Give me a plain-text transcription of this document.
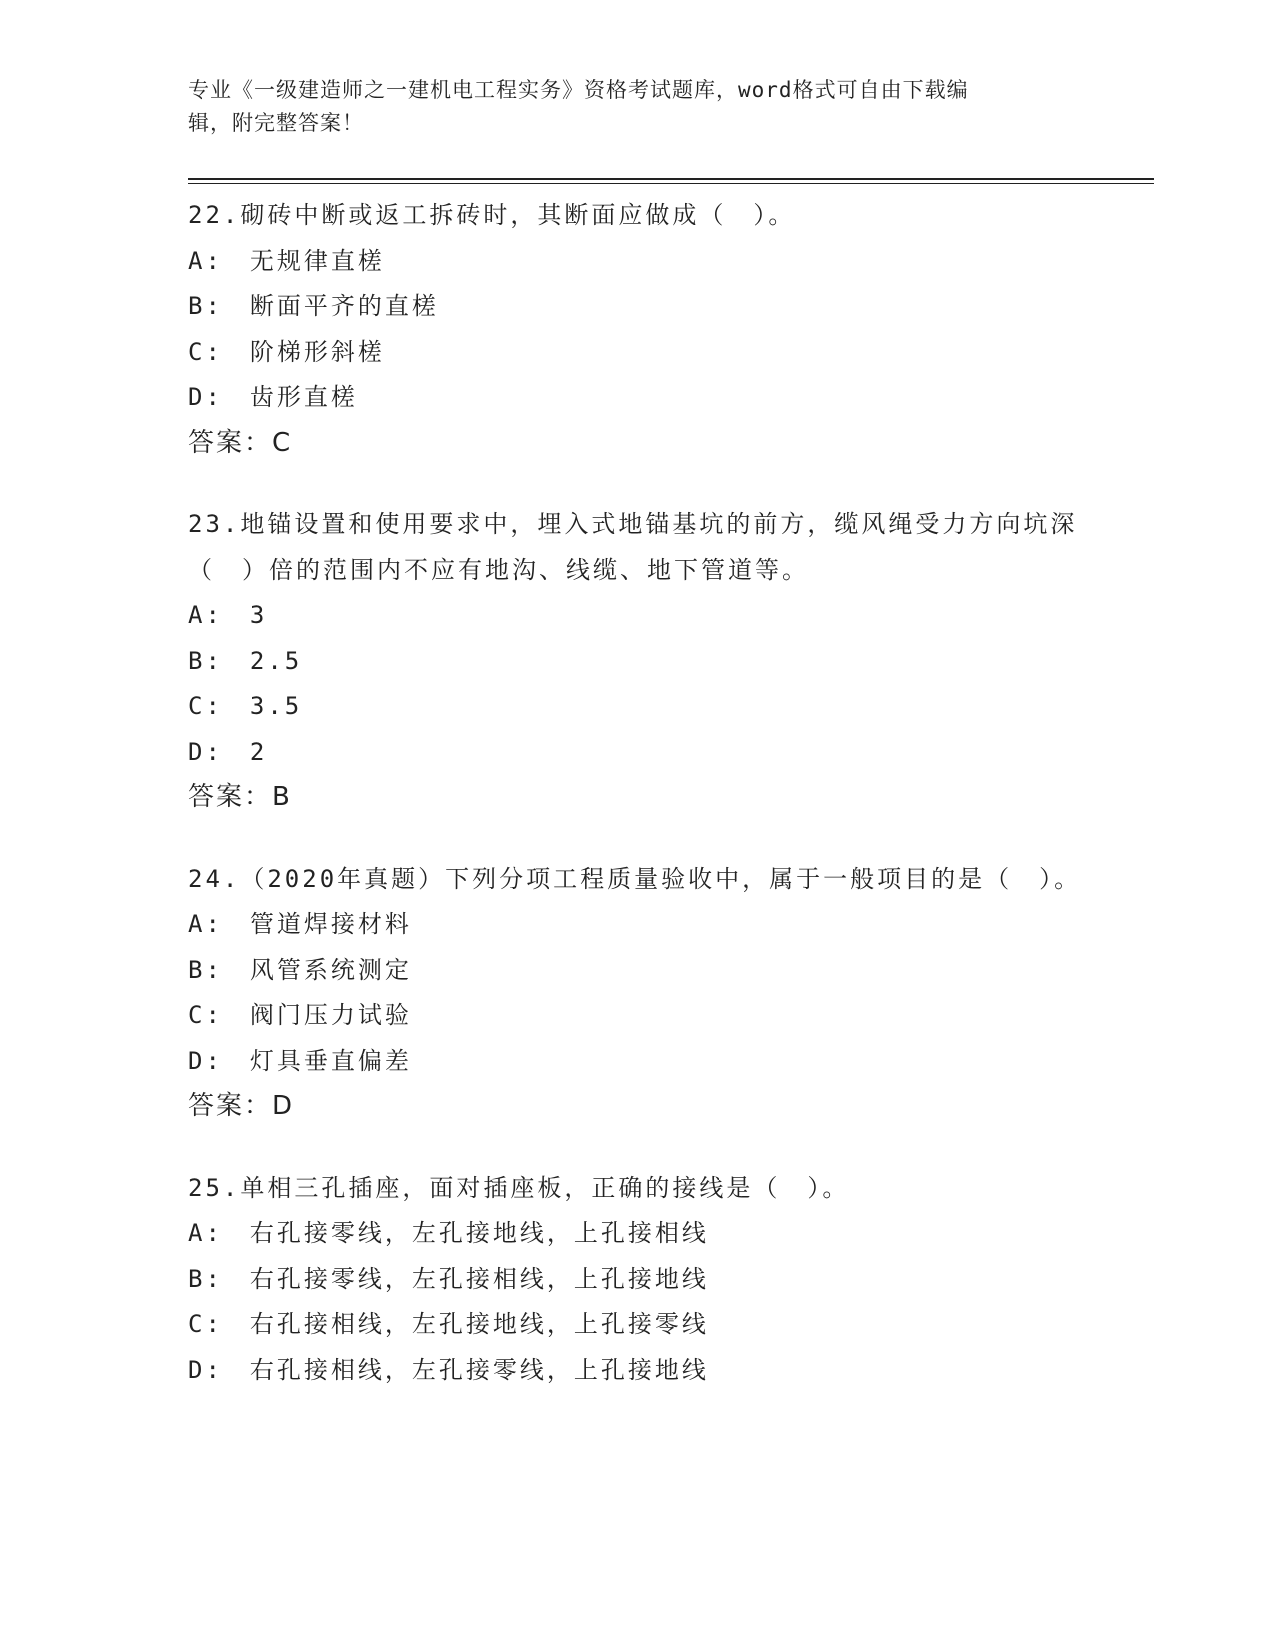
专业《一级建造师之一建机电工程实务》资格考试题库，word格式可自由下载编
辑，附完整答案！
22.砌砖中断或返工拆砖时，其断面应做成（　）。
A:　无规律直槎
B:　断面平齐的直槎
C:　阶梯形斜槎
D:　齿形直槎
答案：C
23.地锚设置和使用要求中，埋入式地锚基坑的前方，缆风绳受力方向坑深（　）倍的范围内不应有地沟、线缆、地下管道等。
A:　3
B:　2.5
C:　3.5
D:　2
答案：B
24.（2020年真题）下列分项工程质量验收中，属于一般项目的是（　）。
A:　管道焊接材料
B:　风管系统测定
C:　阀门压力试验
D:　灯具垂直偏差
答案：D
25.单相三孔插座，面对插座板，正确的接线是（　）。
A:　右孔接零线，左孔接地线，上孔接相线
B:　右孔接零线，左孔接相线，上孔接地线
C:　右孔接相线，左孔接地线，上孔接零线
D:　右孔接相线，左孔接零线，上孔接地线
